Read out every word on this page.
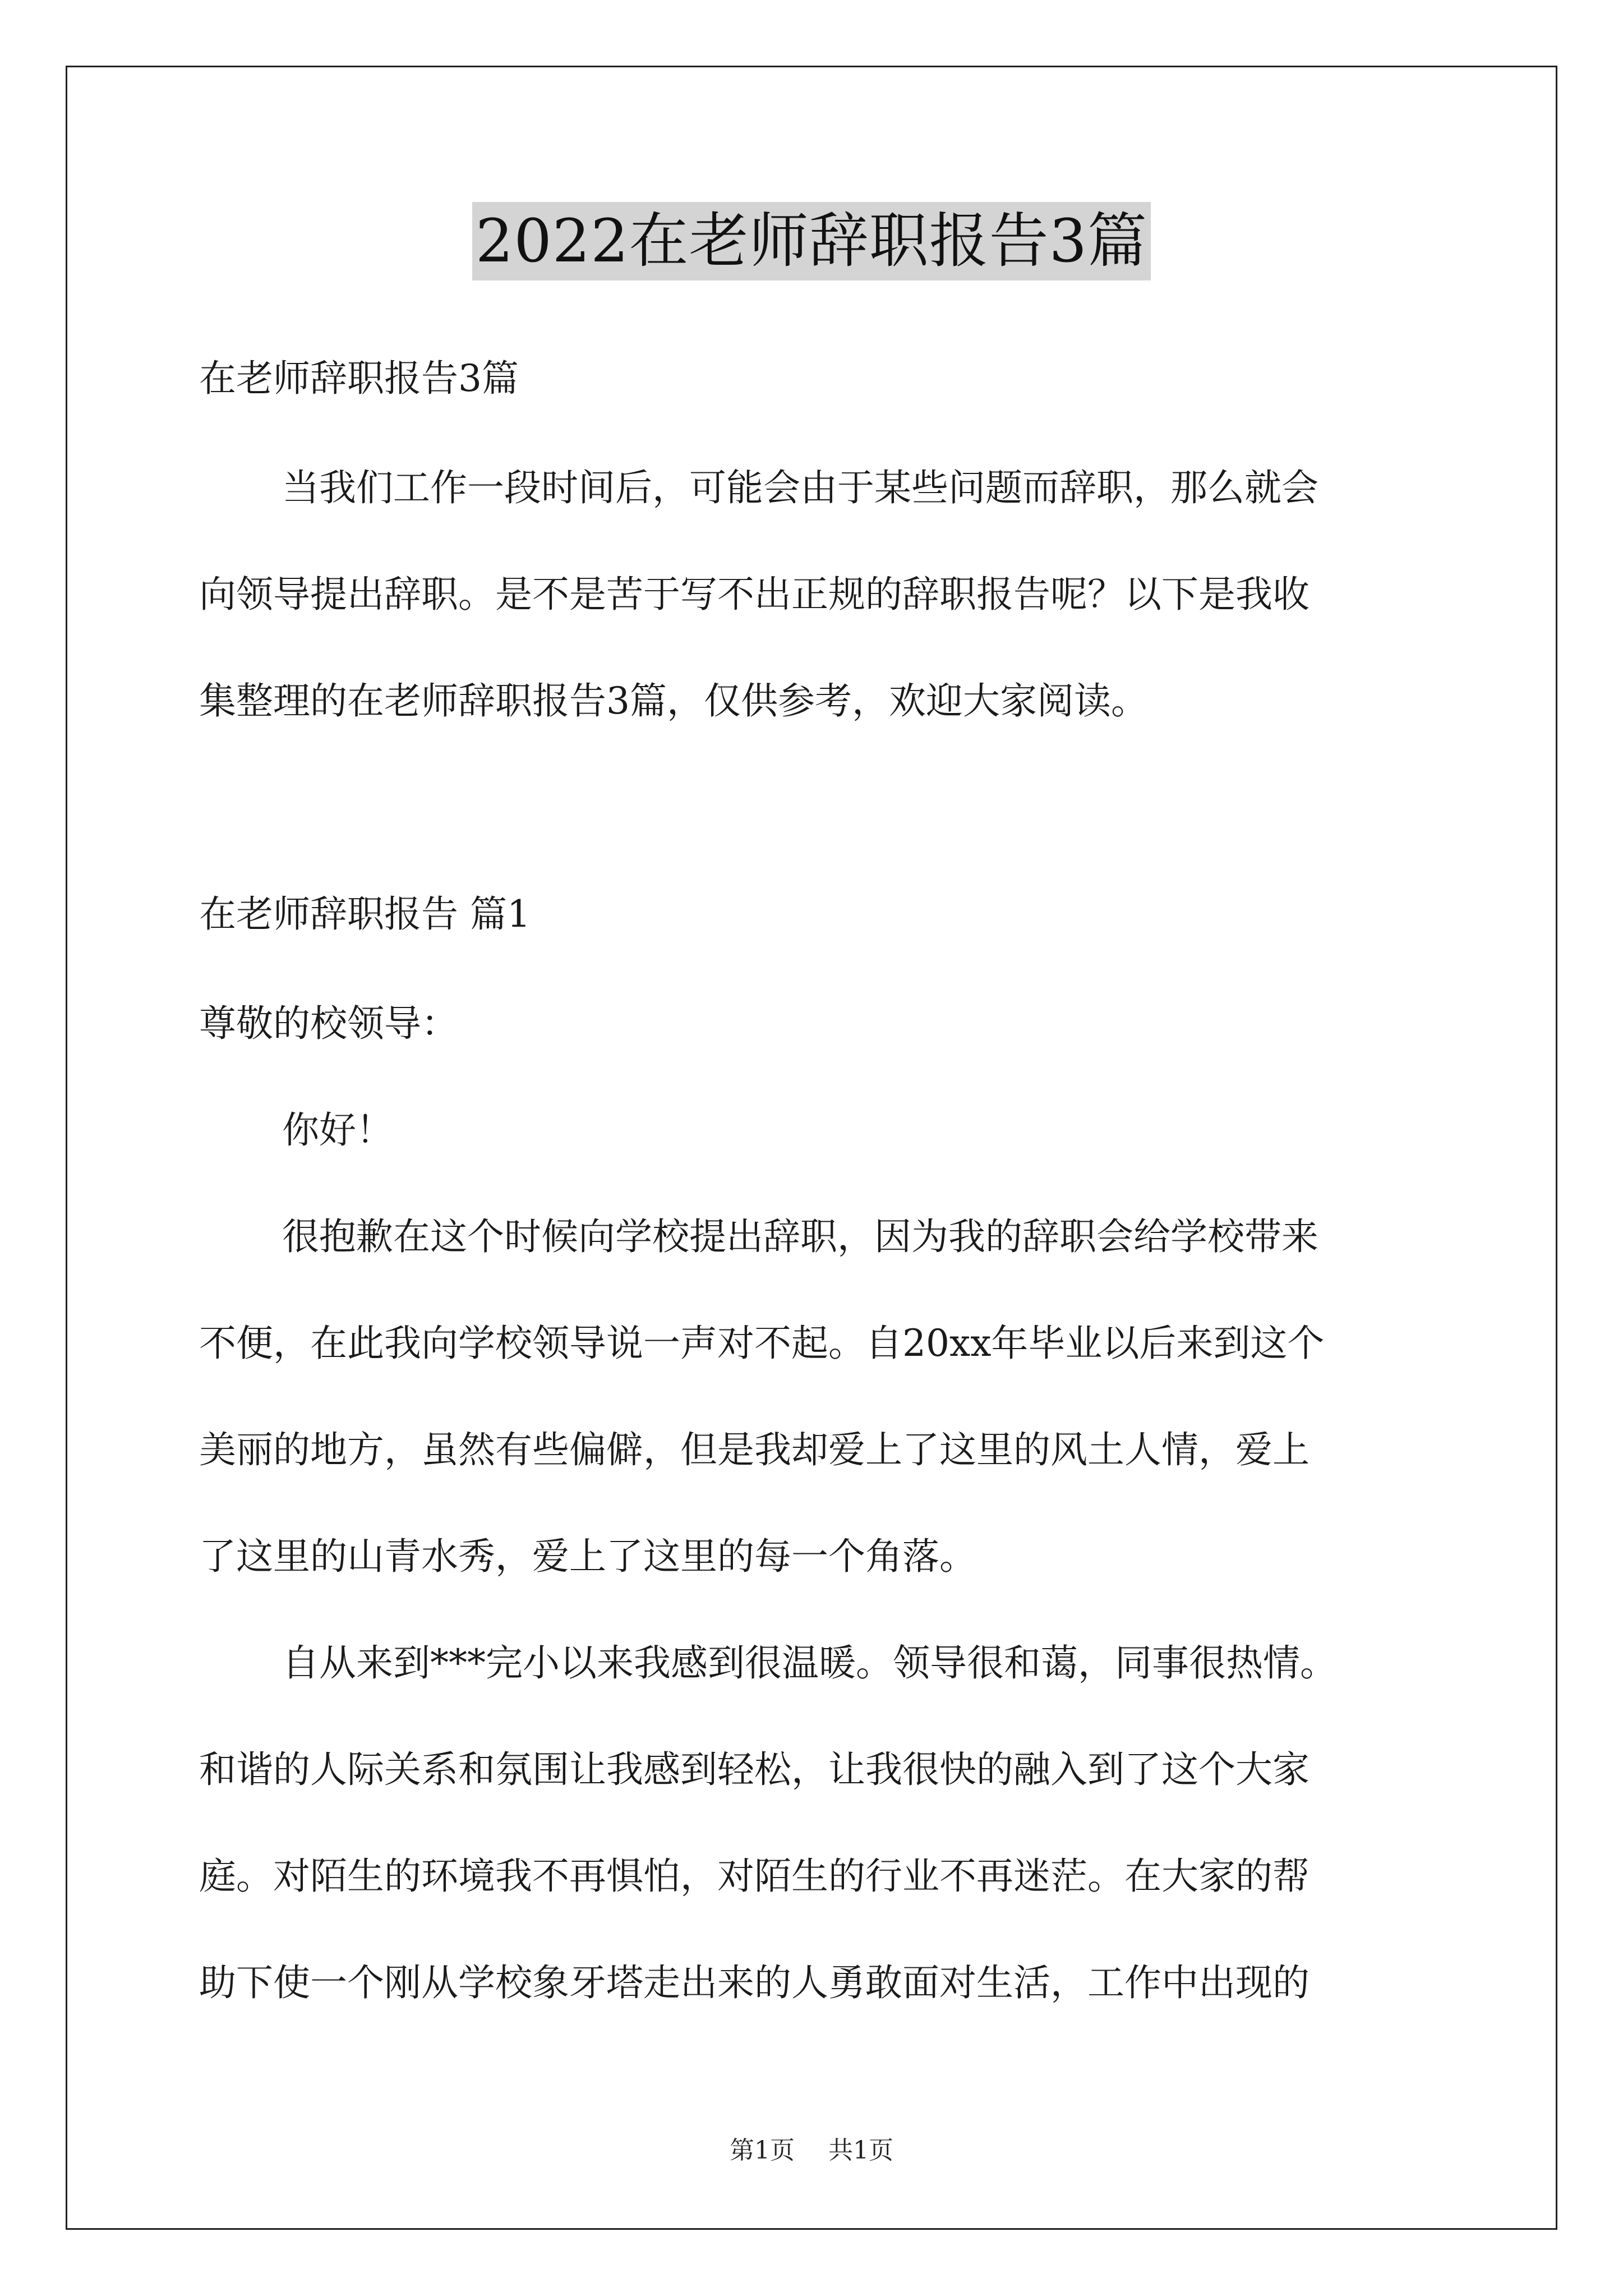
2022在老师辞职报告3篇
在老师辞职报告3篇
当我们工作一段时间后，可能会由于某些问题而辞职，那么就会
向领导提出辞职。是不是苦于写不出正规的辞职报告呢？以下是我收
集整理的在老师辞职报告3篇，仅供参考，欢迎大家阅读。
在老师辞职报告 篇1
尊敬的校领导：
你好！
很抱歉在这个时候向学校提出辞职，因为我的辞职会给学校带来
不便，在此我向学校领导说一声对不起。自20xx年毕业以后来到这个
美丽的地方，虽然有些偏僻，但是我却爱上了这里的风土人情，爱上
了这里的山青水秀，爱上了这里的每一个角落。
自从来到***完小以来我感到很温暖。领导很和蔼，同事很热情。
和谐的人际关系和氛围让我感到轻松，让我很快的融入到了这个大家
庭。对陌生的环境我不再惧怕，对陌生的行业不再迷茫。在大家的帮
助下使一个刚从学校象牙塔走出来的人勇敢面对生活，工作中出现的
第1页 共1页
